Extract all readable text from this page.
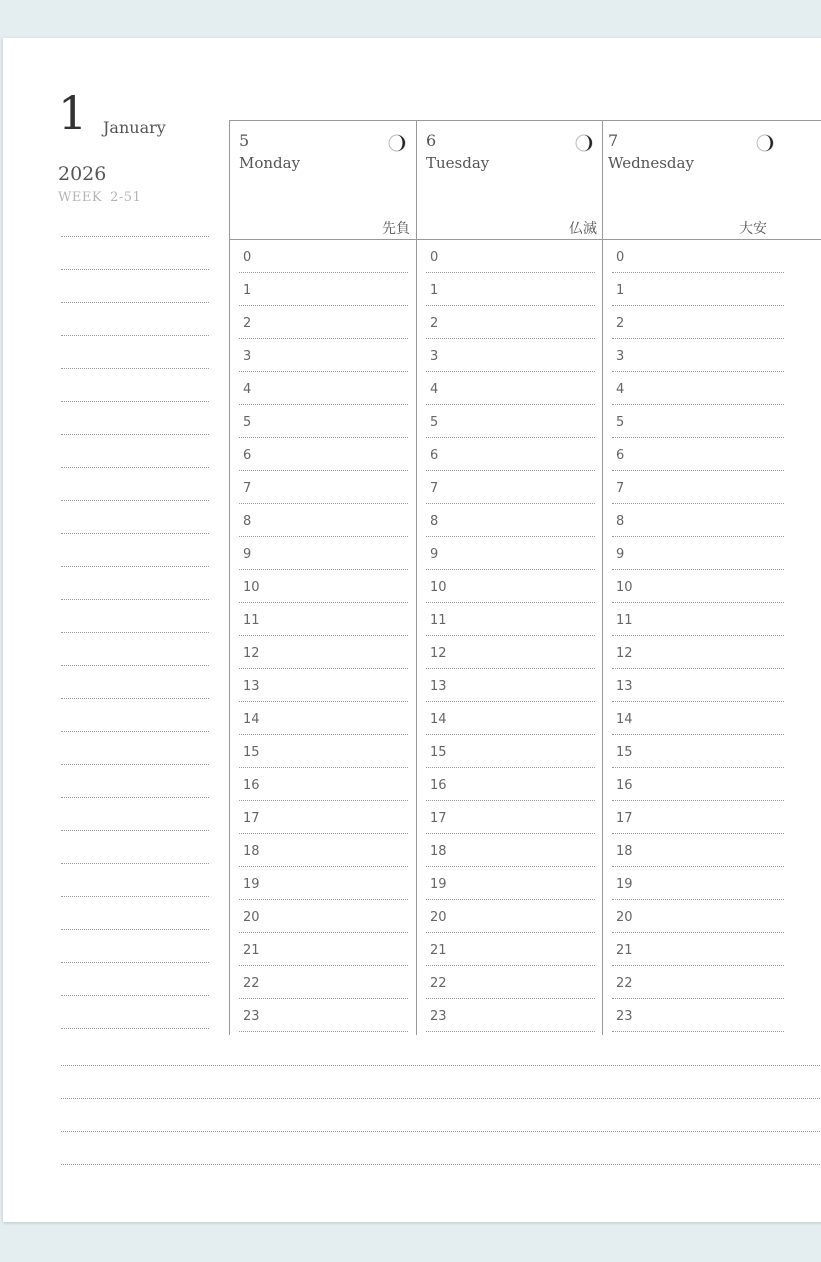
1 January
2026
WEEK 2-51
5
Monday
先負
0
1
2
3
4
5
6
7
8
9
10
11
12
13
14
15
16
17
18
19
20
21
22
23
6
Tuesday
仏滅
0
1
2
3
4
5
6
7
8
9
10
11
12
13
14
15
16
17
18
19
20
21
22
23
7
Wednesday
大安
0
1
2
3
4
5
6
7
8
9
10
11
12
13
14
15
16
17
18
19
20
21
22
23
